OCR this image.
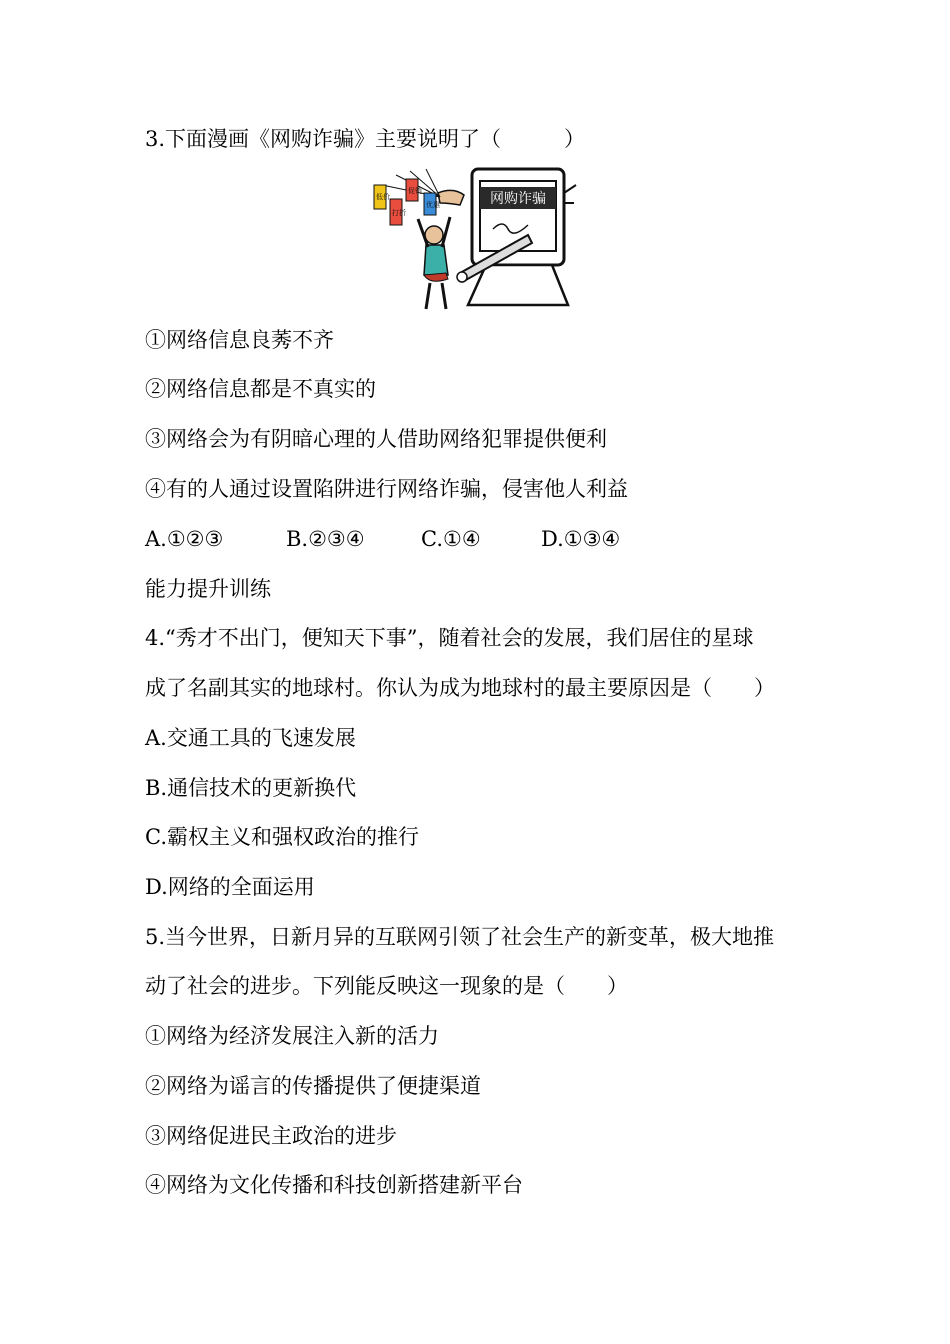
3.下面漫画《网购诈骗》主要说明了（　　　）
网购诈骗
低价
打折
促销
优惠
①网络信息良莠不齐
②网络信息都是不真实的
③网络会为有阴暗心理的人借助网络犯罪提供便利
④有的人通过设置陷阱进行网络诈骗，侵害他人利益
A.①②③	B.②③④	C.①④	D.①③④
能力提升训练
4.“秀才不出门，便知天下事”，随着社会的发展，我们居住的星球
成了名副其实的地球村。你认为成为地球村的最主要原因是（　　）
A.交通工具的飞速发展
B.通信技术的更新换代
C.霸权主义和强权政治的推行
D.网络的全面运用
5.当今世界，日新月异的互联网引领了社会生产的新变革，极大地推
动了社会的进步。下列能反映这一现象的是（　　）
①网络为经济发展注入新的活力
②网络为谣言的传播提供了便捷渠道
③网络促进民主政治的进步
④网络为文化传播和科技创新搭建新平台
